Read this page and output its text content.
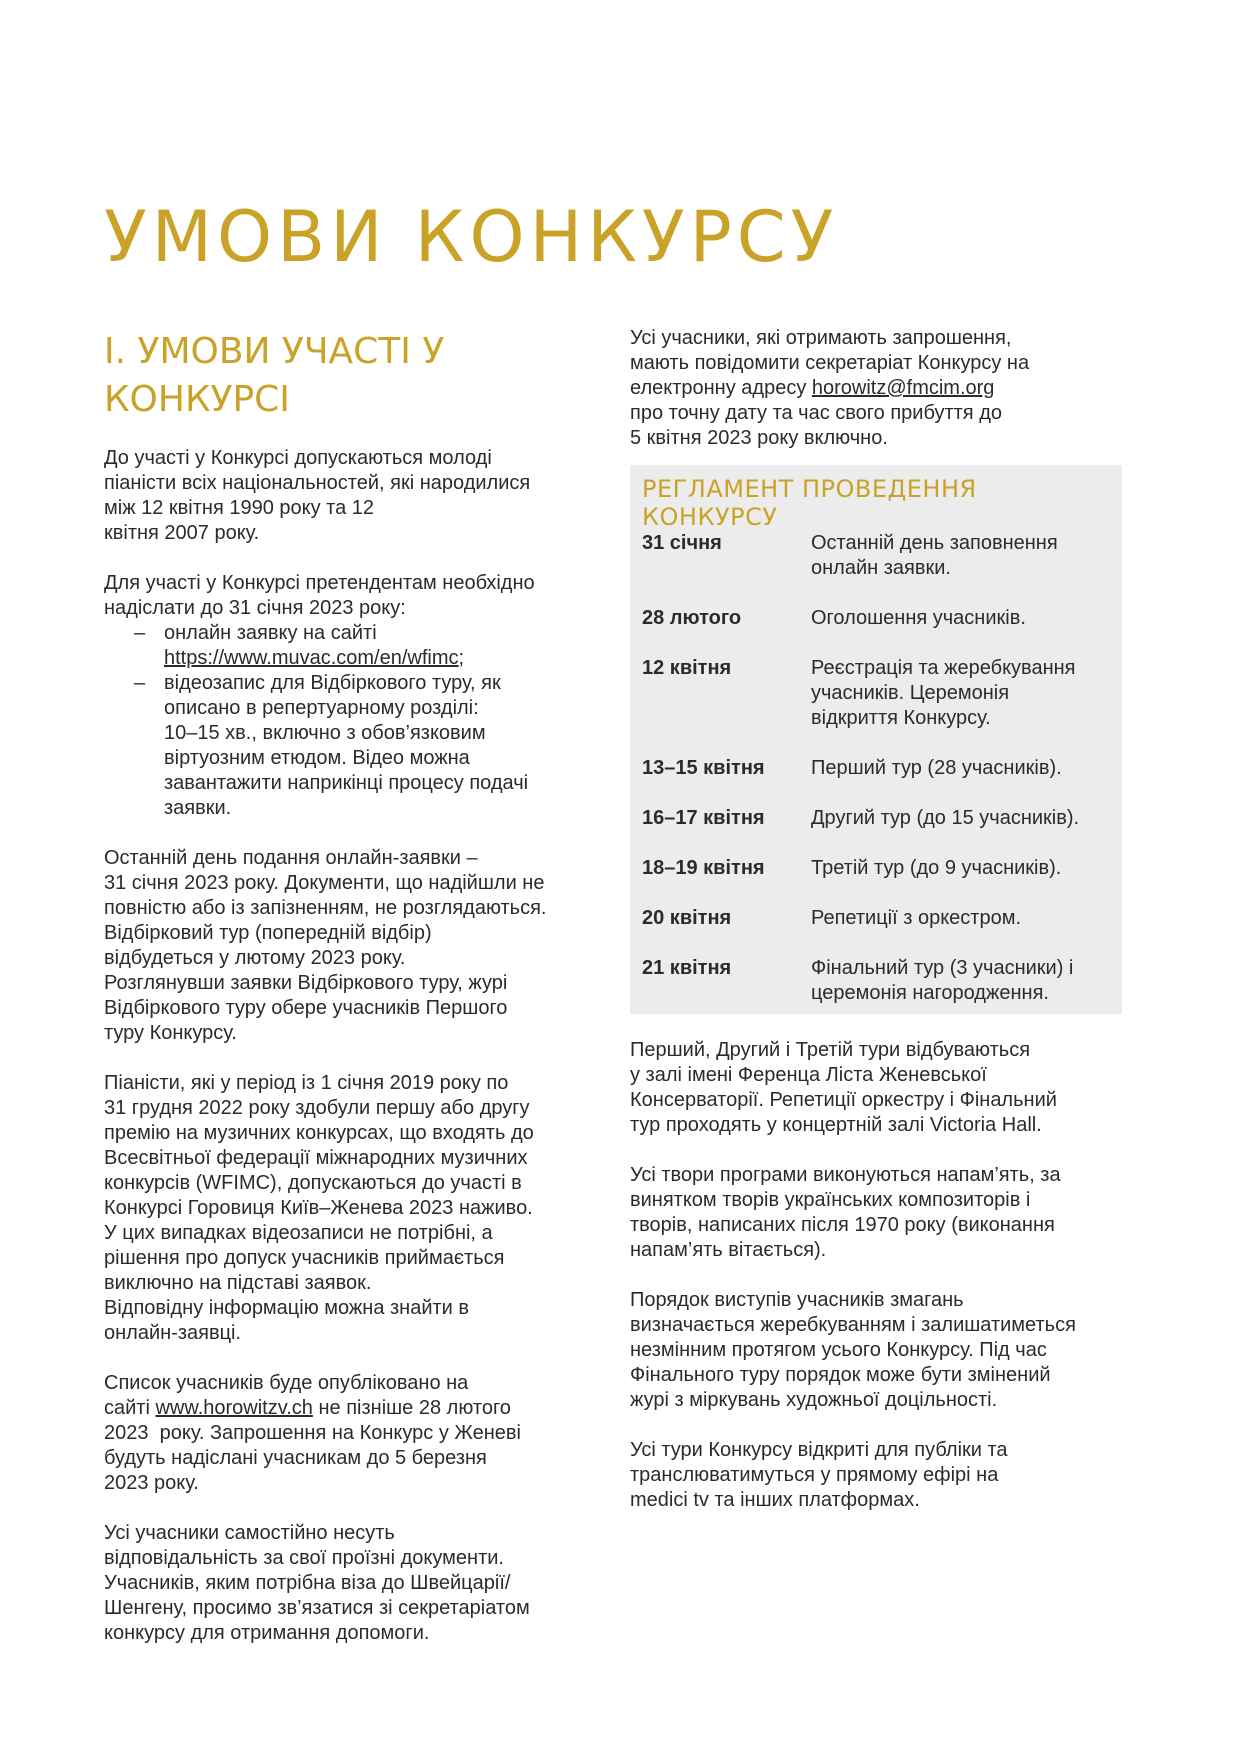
УМОВИ КОНКУРСУ
I. УМОВИ УЧАСТІ У
КОНКУРСІ

До участі у Конкурсі допускаються молоді
піаністи всіх національностей, які народилися
між 12 квітня 1990 року та 12
квітня 2007 року.

Для участі у Конкурсі претендентам необхідно
надіслати до 31 січня 2023 року:

– онлайн заявку на сайті
https://www.muvac.com/en/wfimc;
– відеозапис для Відбіркового туру, як
описано в репертуарному розділі:
10–15 хв., включно з обов’язковим
віртуозним етюдом. Відео можна
завантажити наприкінці процесу подачі
заявки.

Останній день подання онлайн-заявки –
31 січня 2023 року. Документи, що надійшли не
повністю або із запізненням, не розглядаються.
Відбірковий тур (попередній відбір)
відбудеться у лютому 2023 року.
Розглянувши заявки Відбіркового туру, журі
Відбіркового туру обере учасників Першого
туру Конкурсу.

Піаністи, які у період із 1 січня 2019 року по
31 грудня 2022 року здобули першу або другу
премію на музичних конкурсах, що входять до
Всесвітньої федерації міжнародних музичних
конкурсів (WFIMC), допускаються до участі в
Конкурсі Горовиця Київ–Женева 2023 наживо.
У цих випадках відеозаписи не потрібні, а
рішення про допуск учасників приймається
виключно на підставі заявок.
Відповідну інформацію можна знайти в
онлайн-заявці.

Список учасників буде опубліковано на
сайті www.horowitzv.ch не пізніше 28 лютого
2023  року. Запрошення на Конкурс у Женеві
будуть надіслані учасникам до 5 березня
2023 року.

Усі учасники самостійно несуть
відповідальність за свої проїзні документи.
Учасників, яким потрібна віза до Швейцарії/
Шенгену, просимо зв’язатися зі секретаріатом
конкурсу для отримання допомоги.

Усі учасники, які отримають запрошення,
мають повідомити секретаріат Конкурсу на
електронну адресу horowitz@fmcim.org
про точну дату та час свого прибуття до
5 квітня 2023 року включно.

РЕГЛАМЕНТ ПРОВЕДЕННЯ
КОНКУРСУ
31 січня	Останній день заповнення
онлайн заявки.
28 лютого	Оголошення учасників.
12 квітня	Реєстрація та жеребкування
учасників. Церемонія
відкриття Конкурсу.
13–15 квітня	Перший тур (28 учасників).
16–17 квітня	Другий тур (до 15 учасників).
18–19 квітня	Третій тур (до 9 учасників).
20 квітня	Репетиції з оркестром.
21 квітня	Фінальний тур (3 учасники) і
церемонія нагородження.

Перший, Другий і Третій тури відбуваються
у залі імені Ференца Ліста Женевської
Консерваторії. Репетиції оркестру і Фінальний
тур проходять у концертній залі Victoria Hall.

Усі твори програми виконуються напам’ять, за
винятком творів українських композиторів і
творів, написаних після 1970 року (виконання
напам’ять вітається).

Порядок виступів учасників змагань
визначається жеребкуванням і залишатиметься
незмінним протягом усього Конкурсу. Під час
Фінального туру порядок може бути змінений
журі з міркувань художньої доцільності.

Усі тури Конкурсу відкриті для публіки та
транслюватимуться у прямому ефірі на
medici tv та інших платформах.
